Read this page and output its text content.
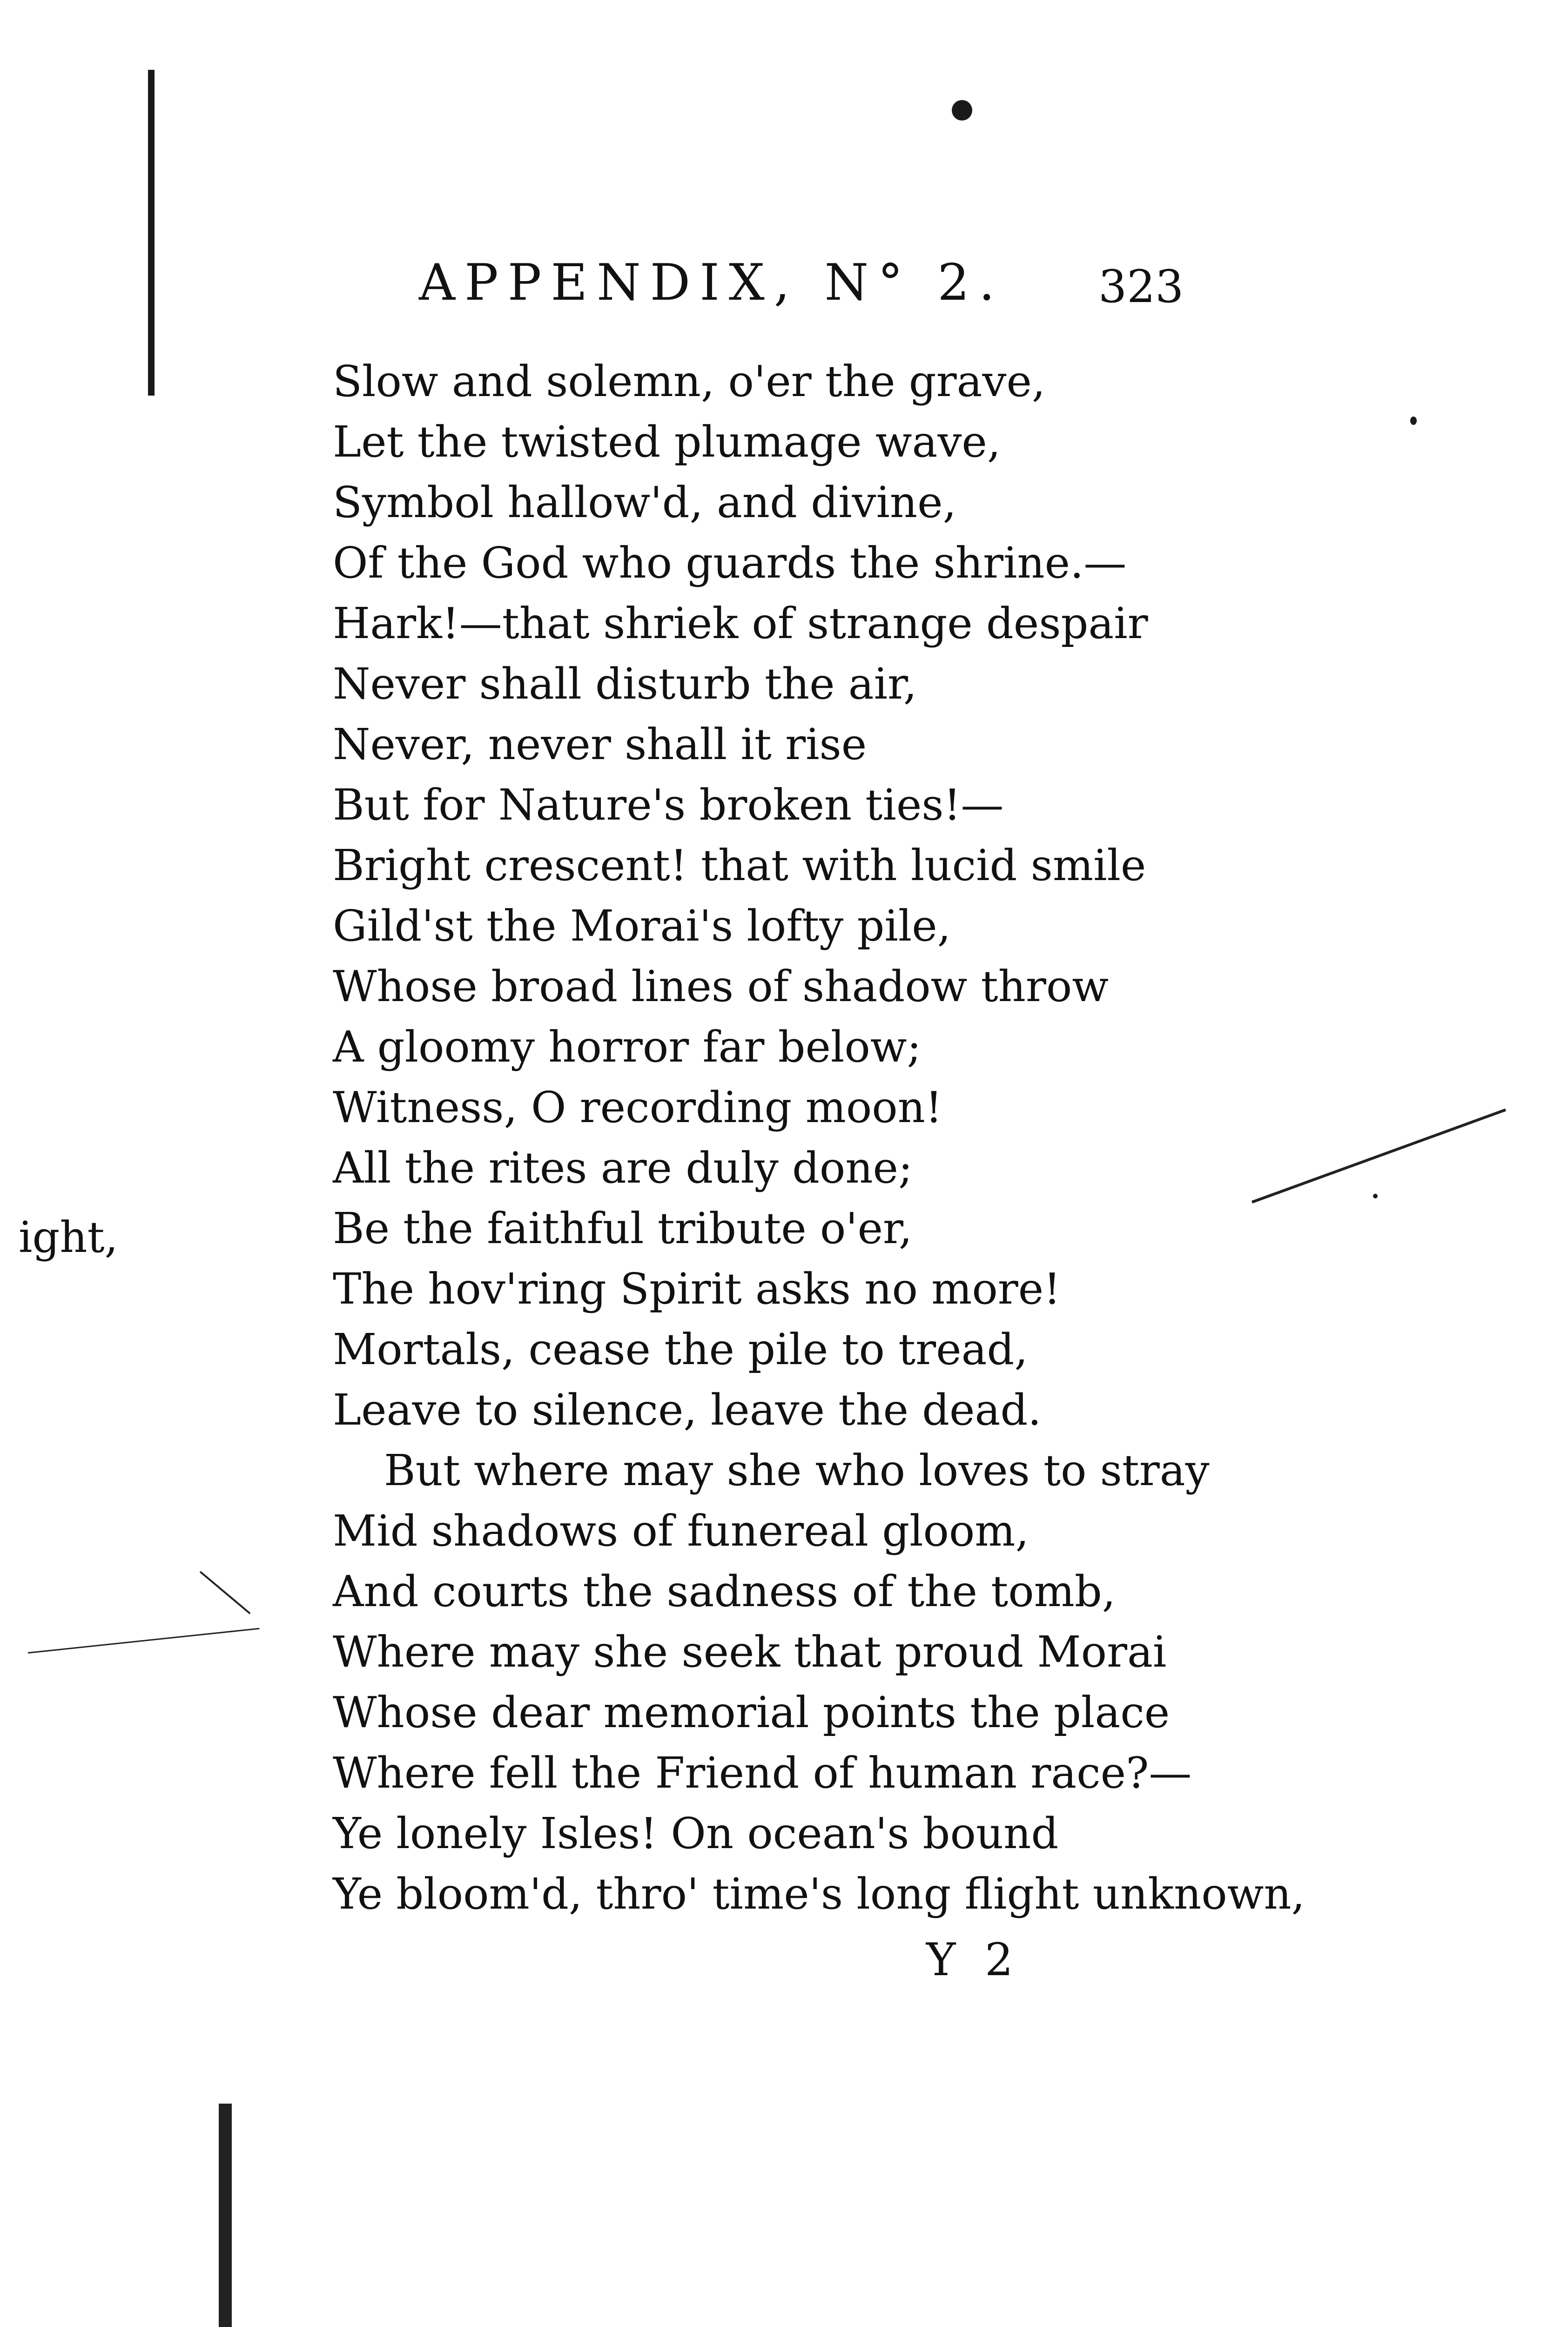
APPENDIX, N° 2. 323
Slow and solemn, o'er the grave,
Let the twisted plumage wave,
Symbol hallow'd, and divine,
Of the God who guards the shrine.—
Hark!—that shriek of strange despair
Never shall disturb the air,
Never, never shall it rise
But for Nature's broken ties!—
Bright crescent! that with lucid smile
Gild'st the Morai's lofty pile,
Whose broad lines of shadow throw
A gloomy horror far below;
Witness, O recording moon!
All the rites are duly done;
Be the faithful tribute o'er,
The hov'ring Spirit asks no more!
Mortals, cease the pile to tread,
Leave to silence, leave the dead.
But where may she who loves to stray
Mid shadows of funereal gloom,
And courts the sadness of the tomb,
Where may she seek that proud Morai
Whose dear memorial points the place
Where fell the Friend of human race?—
Ye lonely Isles! On ocean's bound
Ye bloom'd, thro' time's long flight unknown,
ight,
Y 2
